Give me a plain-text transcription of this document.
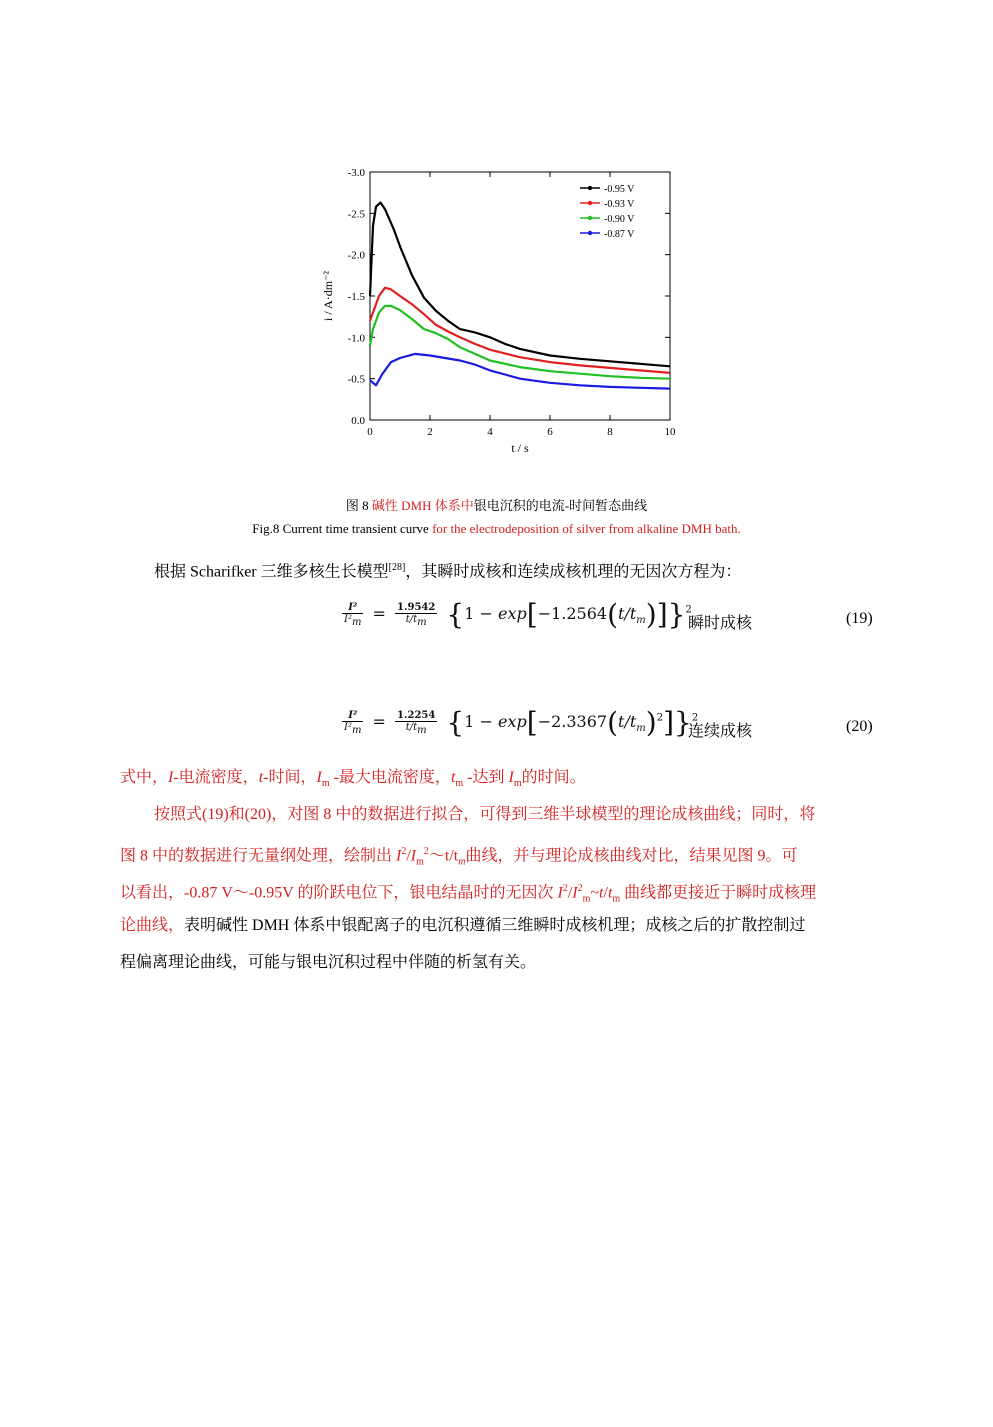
0	2	4	6	8	10
0.0
-0.5
-1.0
-1.5
-2.0
-2.5
-3.0
t / s
i / A·dm⁻²
-0.95 V
-0.93 V
-0.90 V
-0.87 V
图 8 碱性 DMH 体系中银电沉积的电流-时间暂态曲线
Fig.8 Current time transient curve for the electrodeposition of silver from alkaline DMH bath.
根据 Scharifker 三维多核生长模型[28]，其瞬时成核和连续成核机理的无因次方程为：
$\frac{\text{I²}}{I^2_m} = \frac{1.9542}{t/t_m} \{1 - \exp[-1.2564(t/t_m)]\}^2$
瞬时成核	(19)
$\frac{\text{I²}}{I^2_m} = \frac{1.2254}{t/t_m} \{1 - \exp[-2.3367(t/t_m)^2]\}^2$
连续成核	(20)
式中，I-电流密度，t-时间，$I_m$ -最大电流密度，$t_m$ -达到 $I_m$的时间。
按照式(19)和(20)，对图 8 中的数据进行拟合，可得到三维半球模型的理论成核曲线；同时，将
图 8 中的数据进行无量纲处理，绘制出 $I^2/I_m^2\sim t/t_m$曲线，并与理论成核曲线对比，结果见图 9。可
以看出，-0.87 V～-0.95V 的阶跃电位下，银电结晶时的无因次 $I^2/I^2_m\sim t/t_m$ 曲线都更接近于瞬时成核理
论曲线，表明碱性 DMH 体系中银配离子的电沉积遵循三维瞬时成核机理；成核之后的扩散控制过
程偏离理论曲线，可能与银电沉积过程中伴随的析氢有关。
